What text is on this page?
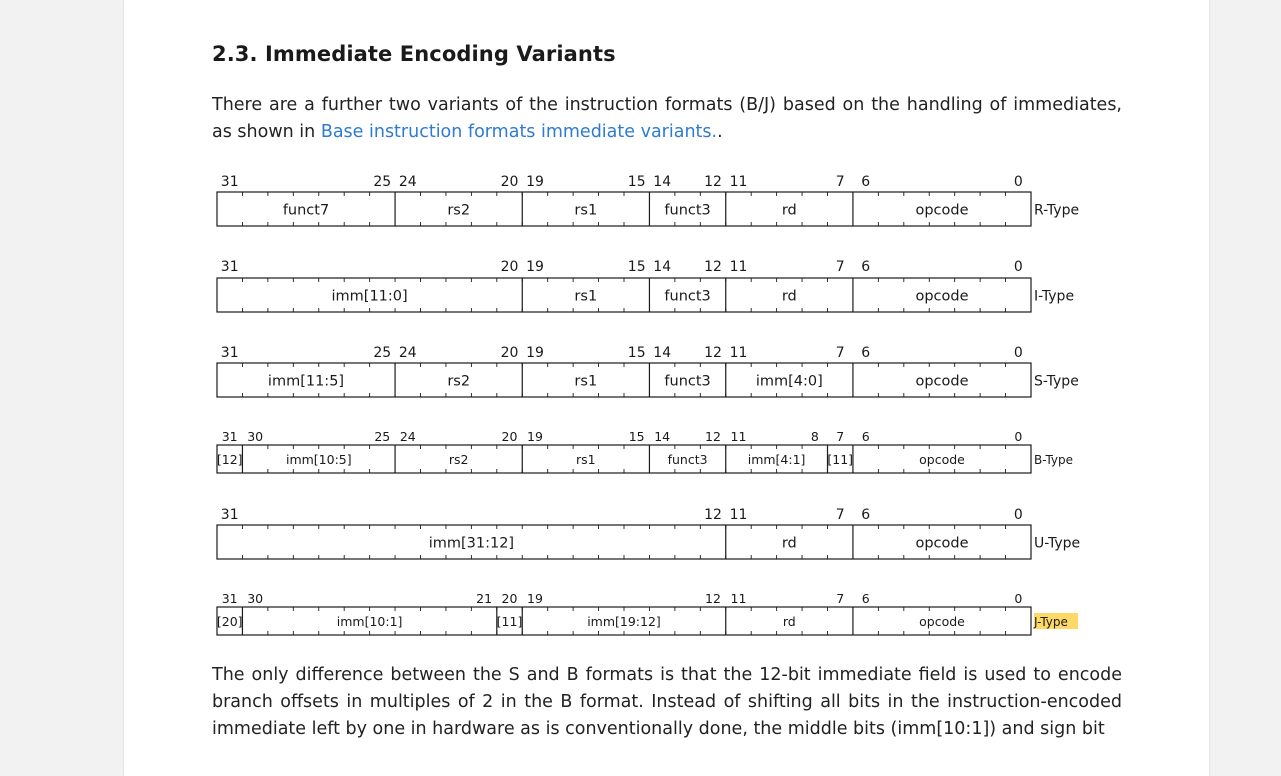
2.3. Immediate Encoding Variants
There are a further two variants of the instruction formats (B/J) based on the handling of immediates, as shown in Base instruction formats immediate variants..
31	25 24	20 19	15 14 12 11	7 6	0
funct7	rs2	rs1	funct3	rd	opcode	R-Type
31	20 19	15 14 12 11	7 6	0
imm[11:0]	rs1	funct3	rd	opcode	I-Type
31	25 24	20 19	15 14 12 11	7 6	0
imm[11:5]	rs2	rs1	funct3	imm[4:0]	opcode	S-Type
31 30	25 24	20 19	15 14	12 11	8 7 6	0
[12]	imm[10:5]	rs2	rs1	funct3	imm[4:1] [11]	opcode	B-Type
31	12 11	7 6	0
imm[31:12]	rd	opcode	U-Type
31 30	21 20 19	12 11	7 6	0
[20]	imm[10:1]	[11]	imm[19:12]	rd	opcode	J-Type
The only difference between the S and B formats is that the 12-bit immediate field is used to encode branch offsets in multiples of 2 in the B format. Instead of shifting all bits in the instruction-encoded immediate left by one in hardware as is conventionally done, the middle bits (imm[10:1]) and sign bit
